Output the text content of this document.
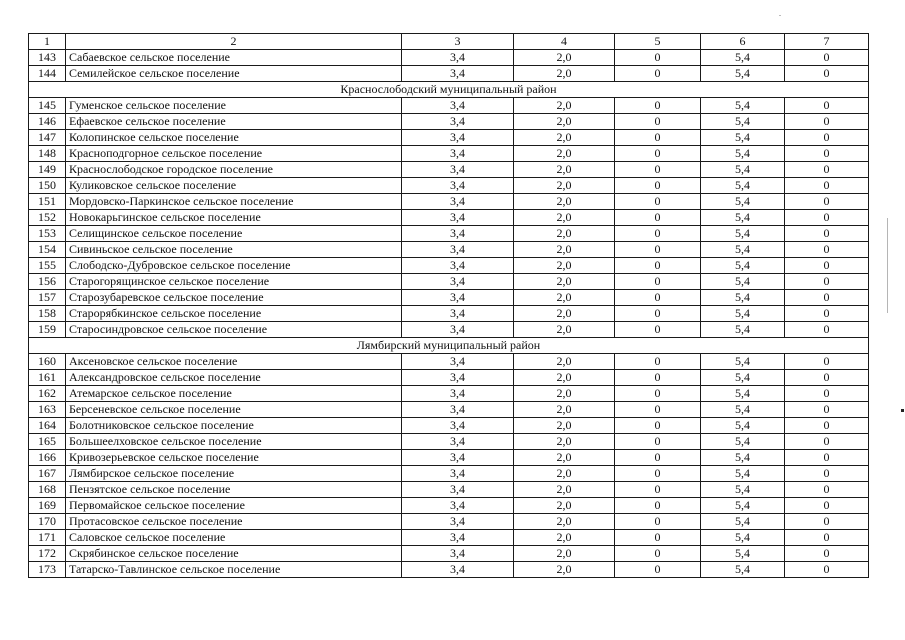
1	2	3	4	5	6	7
143	Сабаевское сельское поселение	3,4	2,0	0	5,4	0
144	Семилейское сельское поселение	3,4	2,0	0	5,4	0
Краснослободский муниципальный район						
145	Гуменское сельское поселение	3,4	2,0	0	5,4	0
146	Ефаевское сельское поселение	3,4	2,0	0	5,4	0
147	Колопинское сельское поселение	3,4	2,0	0	5,4	0
148	Красноподгорное сельское поселение	3,4	2,0	0	5,4	0
149	Краснослободское городское поселение	3,4	2,0	0	5,4	0
150	Куликовское сельское поселение	3,4	2,0	0	5,4	0
151	Мордовско-Паркинское сельское поселение	3,4	2,0	0	5,4	0
152	Новокарьгинское сельское поселение	3,4	2,0	0	5,4	0
153	Селищинское сельское поселение	3,4	2,0	0	5,4	0
154	Сивиньское сельское поселение	3,4	2,0	0	5,4	0
155	Слободско-Дубровское сельское поселение	3,4	2,0	0	5,4	0
156	Старогорящинское сельское поселение	3,4	2,0	0	5,4	0
157	Старозубаревское сельское поселение	3,4	2,0	0	5,4	0
158	Старорябкинское сельское поселение	3,4	2,0	0	5,4	0
159	Старосиндровское сельское поселение	3,4	2,0	0	5,4	0
Лямбирский муниципальный район						
160	Аксеновское сельское поселение	3,4	2,0	0	5,4	0
161	Александровское сельское поселение	3,4	2,0	0	5,4	0
162	Атемарское сельское поселение	3,4	2,0	0	5,4	0
163	Берсеневское сельское поселение	3,4	2,0	0	5,4	0
164	Болотниковское сельское поселение	3,4	2,0	0	5,4	0
165	Большеелховское сельское поселение	3,4	2,0	0	5,4	0
166	Кривозерьевское сельское поселение	3,4	2,0	0	5,4	0
167	Лямбирское сельское поселение	3,4	2,0	0	5,4	0
168	Пензятское сельское поселение	3,4	2,0	0	5,4	0
169	Первомайское сельское поселение	3,4	2,0	0	5,4	0
170	Протасовское сельское поселение	3,4	2,0	0	5,4	0
171	Саловское сельское поселение	3,4	2,0	0	5,4	0
172	Скрябинское сельское поселение	3,4	2,0	0	5,4	0
173	Татарско-Тавлинское сельское поселение	3,4	2,0	0	5,4	0
